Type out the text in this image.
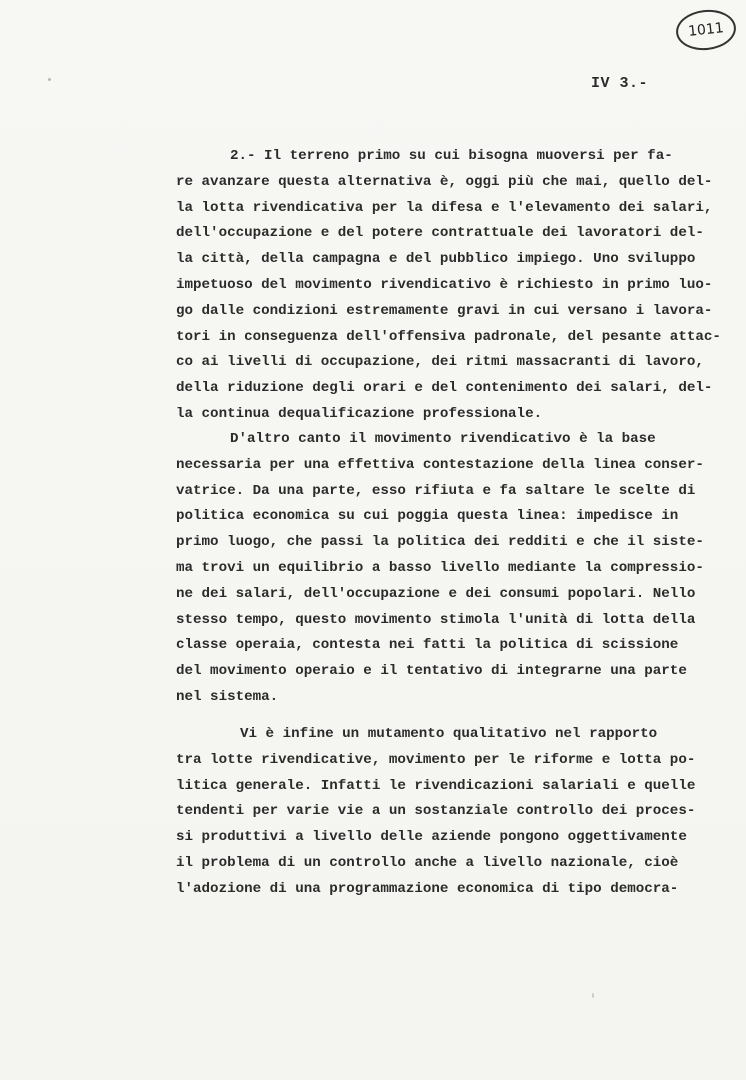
1011
IV 3.-
2.- Il terreno primo su cui bisogna muoversi per fa-
re avanzare questa alternativa è, oggi più che mai, quello del-
la lotta rivendicativa per la difesa e l'elevamento dei salari,
dell'occupazione e del potere contrattuale dei lavoratori del-
la città, della campagna e del pubblico impiego. Uno sviluppo
impetuoso del movimento rivendicativo è richiesto in primo luo-
go dalle condizioni estremamente gravi in cui versano i lavora-
tori in conseguenza dell'offensiva padronale, del pesante attac-
co ai livelli di occupazione, dei ritmi massacranti di lavoro,
della riduzione degli orari e del contenimento dei salari, del-
la continua dequalificazione professionale.
D'altro canto il movimento rivendicativo è la base
necessaria per una effettiva contestazione della linea conser-
vatrice. Da una parte, esso rifiuta e fa saltare le scelte di
politica economica su cui poggia questa linea: impedisce in
primo luogo, che passi la politica dei redditi e che il siste-
ma trovi un equilibrio a basso livello mediante la compressio-
ne dei salari, dell'occupazione e dei consumi popolari. Nello
stesso tempo, questo movimento stimola l'unità di lotta della
classe operaia, contesta nei fatti la politica di scissione
del movimento operaio e il tentativo di integrarne una parte
nel sistema.
Vi è infine un mutamento qualitativo nel rapporto
tra lotte rivendicative, movimento per le riforme e lotta po-
litica generale. Infatti le rivendicazioni salariali e quelle
tendenti per varie vie a un sostanziale controllo dei proces-
si produttivi a livello delle aziende pongono oggettivamente
il problema di un controllo anche a livello nazionale, cioè
l'adozione di una programmazione economica di tipo democra-
